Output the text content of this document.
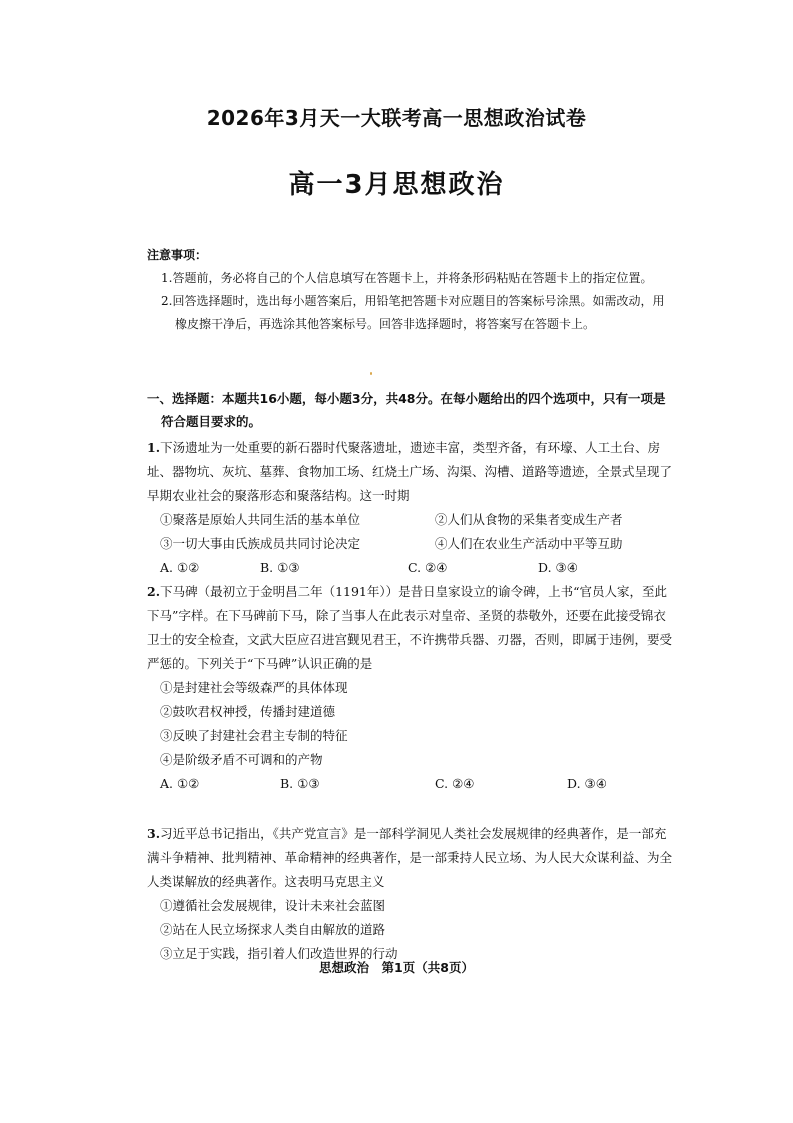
2026年3月天一大联考高一思想政治试卷
高一3月思想政治
注意事项：
1.答题前，务必将自己的个人信息填写在答题卡上，并将条形码粘贴在答题卡上的指定位置。
2.回答选择题时，选出每小题答案后，用铅笔把答题卡对应题目的答案标号涂黑。如需改动，用橡皮擦干净后，再选涂其他答案标号。回答非选择题时，将答案写在答题卡上。
一、选择题：本题共16小题，每小题3分，共48分。在每小题给出的四个选项中，只有一项是
符合题目要求的。
1.下汤遗址为一处重要的新石器时代聚落遗址，遗迹丰富，类型齐备，有环壕、人工土台、房址、器物坑、灰坑、墓葬、食物加工场、红烧土广场、沟渠、沟槽、道路等遗迹，全景式呈现了早期农业社会的聚落形态和聚落结构。这一时期
①聚落是原始人共同生活的基本单位	②人们从食物的采集者变成生产者
③一切大事由氏族成员共同讨论决定	④人们在农业生产活动中平等互助
A. ①②	B. ①③	C. ②④	D. ③④
2.下马碑（最初立于金明昌二年（1191年））是昔日皇家设立的谕令碑，上书“官员人家，至此下马”字样。在下马碑前下马，除了当事人在此表示对皇帝、圣贤的恭敬外，还要在此接受锦衣卫士的安全检查，文武大臣应召进宫觐见君王，不许携带兵器、刃器，否则，即属于违例，要受严惩的。下列关于“下马碑”认识正确的是
①是封建社会等级森严的具体体现
②鼓吹君权神授，传播封建道德
③反映了封建社会君主专制的特征
④是阶级矛盾不可调和的产物
A. ①②	B. ①③	C. ②④	D. ③④
3.习近平总书记指出，《共产党宣言》是一部科学洞见人类社会发展规律的经典著作，是一部充满斗争精神、批判精神、革命精神的经典著作，是一部秉持人民立场、为人民大众谋利益、为全人类谋解放的经典著作。这表明马克思主义
①遵循社会发展规律，设计未来社会蓝图
②站在人民立场探求人类自由解放的道路
③立足于实践，指引着人们改造世界的行动
思想政治　第1页（共8页）
